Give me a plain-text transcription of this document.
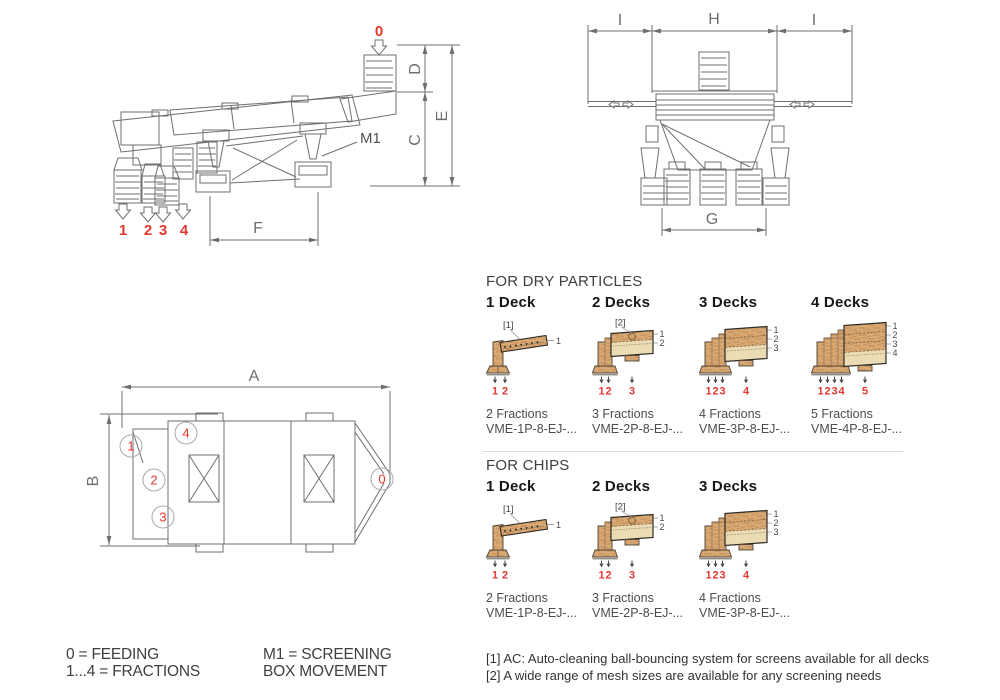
0
M1
D
C
E
F
1 2 3 4
I	H	I
G
A
B
1
4
2
3
0
FOR DRY PARTICLES
1 Deck
1
[1]
1 2
2 Fractions
VME-1P-8-EJ-...
2 Decks
1
2
[2]
1 2 3
3 Fractions
VME-2P-8-EJ-...
3 Decks
1
2
3
1 2 3 4
4 Fractions
VME-3P-8-EJ-...
4 Decks
1
2
3
4
1 2 3 4 5
5 Fractions
VME-4P-8-EJ-...
FOR CHIPS
1 Deck
1
[1]
1 2
2 Fractions
VME-1P-8-EJ-...
2 Decks
1
2
[2]
1 2 3
3 Fractions
VME-2P-8-EJ-...
3 Decks
1
2
3
1 2 3 4
4 Fractions
VME-3P-8-EJ-...
0 = FEEDING
1...4 = FRACTIONS
M1 = SCREENING
BOX MOVEMENT
[1] AC: Auto-cleaning ball-bouncing system for screens available for all decks
[2] A wide range of mesh sizes are available for any screening needs
